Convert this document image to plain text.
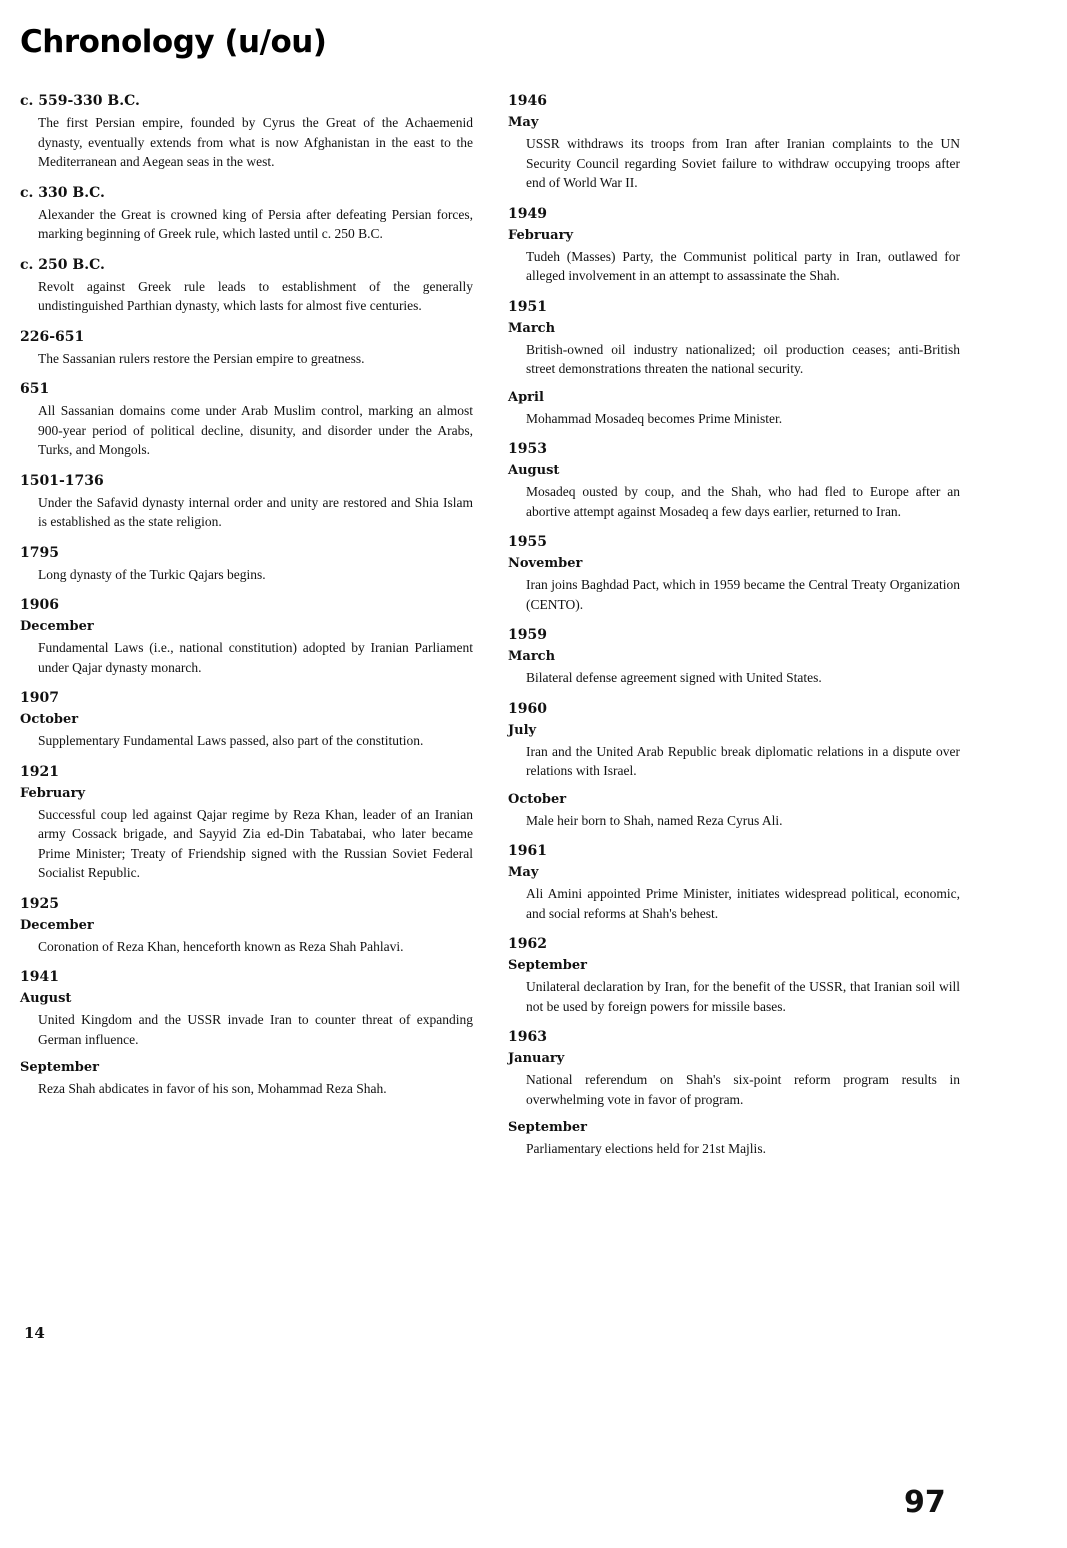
Chronology (u/ou)
c. 559-330 B.C.

The first Persian empire, founded by Cyrus the Great of the Achaemenid dynasty, eventually extends from what is now Afghanistan in the east to the Mediterranean and Aegean seas in the west.

c. 330 B.C.

Alexander the Great is crowned king of Persia after defeating Persian forces, marking beginning of Greek rule, which lasted until c. 250 B.C.

c. 250 B.C.

Revolt against Greek rule leads to establishment of the generally undistinguished Parthian dynasty, which lasts for almost five centuries.

226-651

The Sassanian rulers restore the Persian empire to greatness.

651

All Sassanian domains come under Arab Muslim control, marking an almost 900-year period of political decline, disunity, and disorder under the Arabs, Turks, and Mongols.

1501-1736

Under the Safavid dynasty internal order and unity are restored and Shia Islam is established as the state religion.

1795

Long dynasty of the Turkic Qajars begins.

1906
December

Fundamental Laws (i.e., national constitution) adopted by Iranian Parliament under Qajar dynasty monarch.

1907
October

Supplementary Fundamental Laws passed, also part of the constitution.

1921
February

Successful coup led against Qajar regime by Reza Khan, leader of an Iranian army Cossack brigade, and Sayyid Zia ed-Din Tabatabai, who later became Prime Minister; Treaty of Friendship signed with the Russian Soviet Federal Socialist Republic.

1925
December

Coronation of Reza Khan, henceforth known as Reza Shah Pahlavi.

1941
August

United Kingdom and the USSR invade Iran to counter threat of expanding German influence.

September

Reza Shah abdicates in favor of his son, Mohammad Reza Shah.

1946
May

USSR withdraws its troops from Iran after Iranian complaints to the UN Security Council regarding Soviet failure to withdraw occupying troops after end of World War II.

1949
February

Tudeh (Masses) Party, the Communist political party in Iran, outlawed for alleged involvement in an attempt to assassinate the Shah.

1951
March

British-owned oil industry nationalized; oil production ceases; anti-British street demonstrations threaten the national security.

April

Mohammad Mosadeq becomes Prime Minister.

1953
August

Mosadeq ousted by coup, and the Shah, who had fled to Europe after an abortive attempt against Mosadeq a few days earlier, returned to Iran.

1955
November

Iran joins Baghdad Pact, which in 1959 became the Central Treaty Organization (CENTO).

1959
March

Bilateral defense agreement signed with United States.

1960
July

Iran and the United Arab Republic break diplomatic relations in a dispute over relations with Israel.

October

Male heir born to Shah, named Reza Cyrus Ali.

1961
May

Ali Amini appointed Prime Minister, initiates widespread political, economic, and social reforms at Shah's behest.

1962
September

Unilateral declaration by Iran, for the benefit of the USSR, that Iranian soil will not be used by foreign powers for missile bases.

1963
January

National referendum on Shah's six-point reform program results in overwhelming vote in favor of program.

September

Parliamentary elections held for 21st Majlis.

14
97
